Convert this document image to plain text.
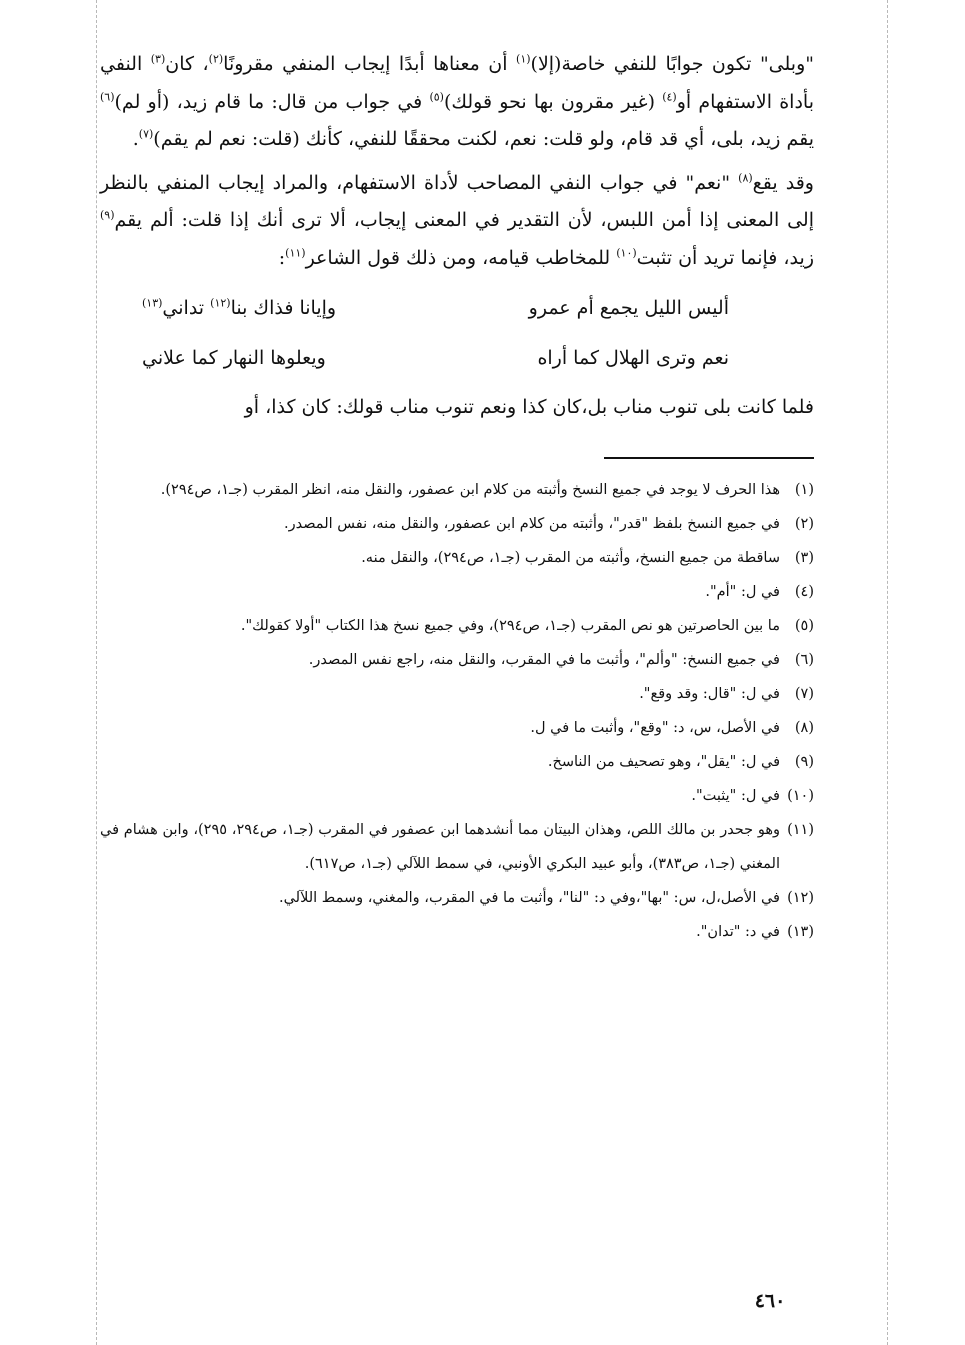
"وبلى" تكون جوابًا للنفي خاصة(إلا)$^{(١)}$ أن معناها أبدًا إيجاب المنفي مقرونًا$^{(٢)}$، كان$^{(٣)}$ النفي بأداة الاستفهام أو$^{(٤)}$ (غير مقرون بها نحو قولك)$^{(٥)}$ في جواب من قال: ما قام زيد، (أو لم)$^{(٦)}$ يقم زيد، بلى، أي قد قام، ولو قلت: نعم، لكنت محققًا للنفي، كأنك (قلت: نعم لم يقم)$^{(٧)}$.

وقد يقع$^{(٨)}$ "نعم" في جواب النفي المصاحب لأداة الاستفهام، والمراد إيجاب المنفي بالنظر إلى المعنى إذا أمن اللبس، لأن التقدير في المعنى إيجاب، ألا ترى أنك إذا قلت: ألم يقم$^{(٩)}$ زيد، فإنما تريد أن تثبت$^{(١٠)}$ للمخاطب قيامه، ومن ذلك قول الشاعر$^{(١١)}$:

أليس الليل يجمع أم عمرو
وإيانا فذاك بنا$^{(١٢)}$ تداني$^{(١٣)}$
نعم وترى الهلال كما أراه
ويعلوها النهار كما علاني

فلما كانت بلى تنوب مناب بل،كان كذا ونعم تنوب مناب قولك: كان كذا، أو

(١)
هذا الحرف لا يوجد في جميع النسخ وأثبته من كلام ابن عصفور، والنقل منه، انظر المقرب (جـ١، ص٢٩٤).
(٢)
في جميع النسخ بلفظ "قدر"، وأثبته من كلام ابن عصفور، والنقل منه، نفس المصدر.
(٣)
ساقطة من جميع النسخ، وأثبته من المقرب (جـ١، ص٢٩٤)، والنقل منه.
(٤)
في ل: "أم".
(٥)
ما بين الحاصرتين هو نص المقرب (جـ١، ص٢٩٤)، وفي جميع نسخ هذا الكتاب "أولا كقولك".
(٦)
في جميع النسخ: "وألم"، وأثبت ما في المقرب، والنقل منه، راجع نفس المصدر.
(٧)
في ل: "قال: وقد وقع".
(٨)
في الأصل، س، د: "وقع"، وأثبت ما في ل.
(٩)
في ل: "يقل"، وهو تصحيف من الناسخ.
(١٠)
في ل: "يثبت".
(١١)
وهو جحدر بن مالك اللص، وهذان البيتان مما أنشدهما ابن عصفور في المقرب (جـ١، ص٢٩٤، ٢٩٥)، وابن هشام في المغني (جـ١، ص٣٨٣)، وأبو عبيد البكري الأونبي، في سمط اللآلي (جـ١، ص٦١٧).
(١٢)
في الأصل،ل، س: "بها"،وفي د: "لنا"، وأثبت ما في المقرب، والمغني، وسمط اللآلي.
(١٣)
في د: "تدان".
٤٦٠
